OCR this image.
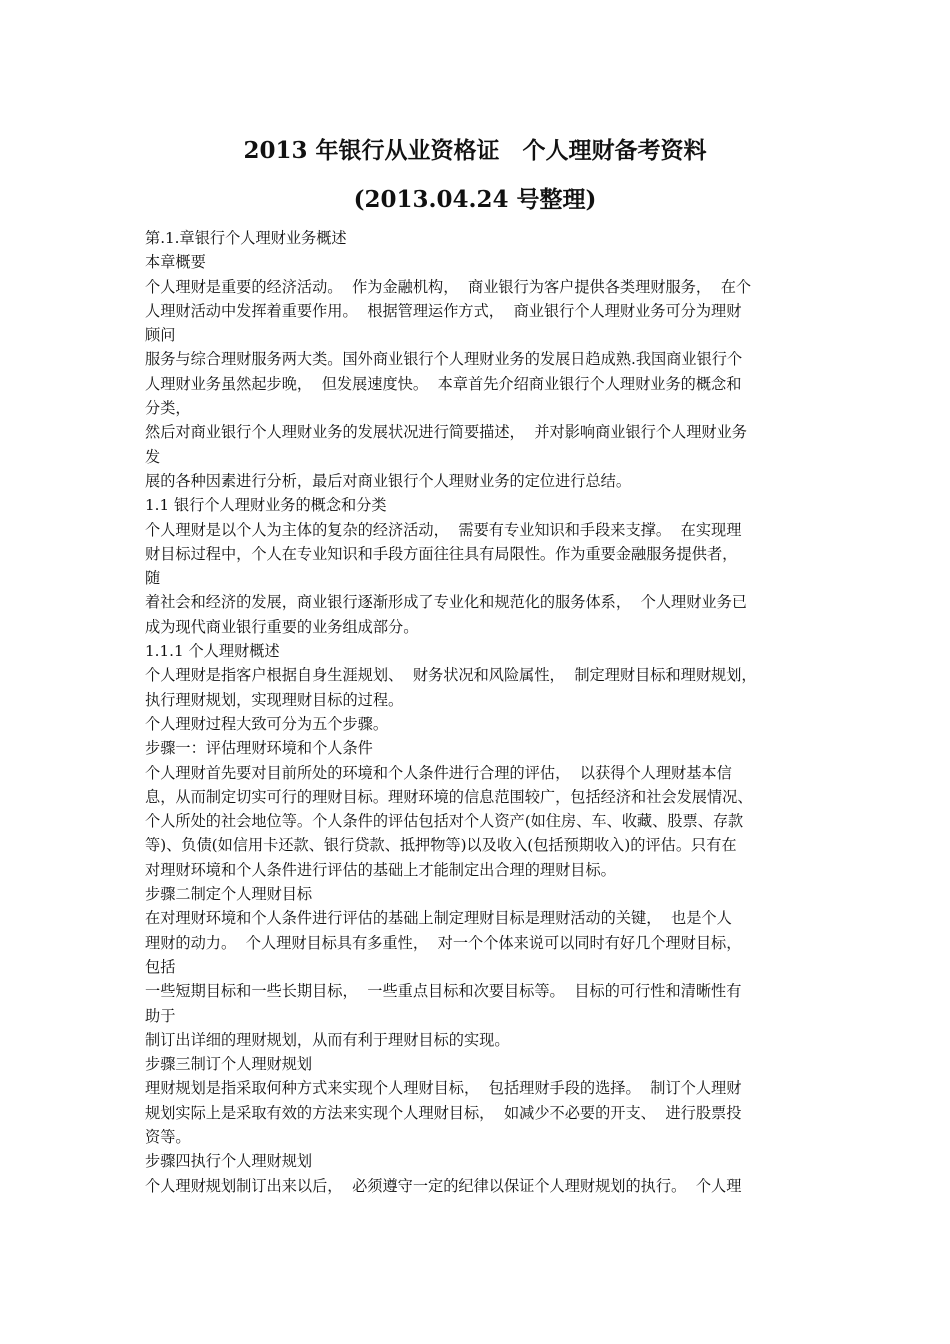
2013 年银行从业资格证　个人理财备考资料
(2013.04.24 号整理)
第.1.章银行个人理财业务概述
本章概要
个人理财是重要的经济活动。  作为金融机构，  商业银行为客户提供各类理财服务，  在个
人理财活动中发挥着重要作用。  根据管理运作方式，  商业银行个人理财业务可分为理财
顾问
服务与综合理财服务两大类。国外商业银行个人理财业务的发展日趋成熟.我国商业银行个
人理财业务虽然起步晚，  但发展速度快。  本章首先介绍商业银行个人理财业务的概念和
分类，
然后对商业银行个人理财业务的发展状况进行简要描述，  并对影响商业银行个人理财业务
发
展的各种因素进行分析，最后对商业银行个人理财业务的定位进行总结。
1.1 银行个人理财业务的概念和分类
个人理财是以个人为主体的复杂的经济活动，  需要有专业知识和手段来支撑。  在实现理
财目标过程中，个人在专业知识和手段方面往往具有局限性。作为重要金融服务提供者，
随
着社会和经济的发展，商业银行逐渐形成了专业化和规范化的服务体系，  个人理财业务已
成为现代商业银行重要的业务组成部分。
1.1.1 个人理财概述
个人理财是指客户根据自身生涯规划、  财务状况和风险属性，  制定理财目标和理财规划，
执行理财规划，实现理财目标的过程。
个人理财过程大致可分为五个步骤。
步骤一：评估理财环境和个人条件
个人理财首先要对目前所处的环境和个人条件进行合理的评估，  以获得个人理财基本信
息，从而制定切实可行的理财目标。理财环境的信息范围较广，包括经济和社会发展情况、
个人所处的社会地位等。个人条件的评估包括对个人资产(如住房、车、收藏、股票、存款
等)、负债(如信用卡还款、银行贷款、抵押物等)以及收入(包括预期收入)的评估。只有在
对理财环境和个人条件进行评估的基础上才能制定出合理的理财目标。
步骤二制定个人理财目标
在对理财环境和个人条件进行评估的基础上制定理财目标是理财活动的关键，  也是个人
理财的动力。  个人理财目标具有多重性，  对一个个体来说可以同时有好几个理财目标，
包括
一些短期目标和一些长期目标，  一些重点目标和次要目标等。  目标的可行性和清晰性有
助于
制订出详细的理财规划，从而有利于理财目标的实现。
步骤三制订个人理财规划
理财规划是指采取何种方式来实现个人理财目标，  包括理财手段的选择。  制订个人理财
规划实际上是采取有效的方法来实现个人理财目标，  如减少不必要的开支、  进行股票投
资等。
步骤四执行个人理财规划
个人理财规划制订出来以后，  必须遵守一定的纪律以保证个人理财规划的执行。  个人理
